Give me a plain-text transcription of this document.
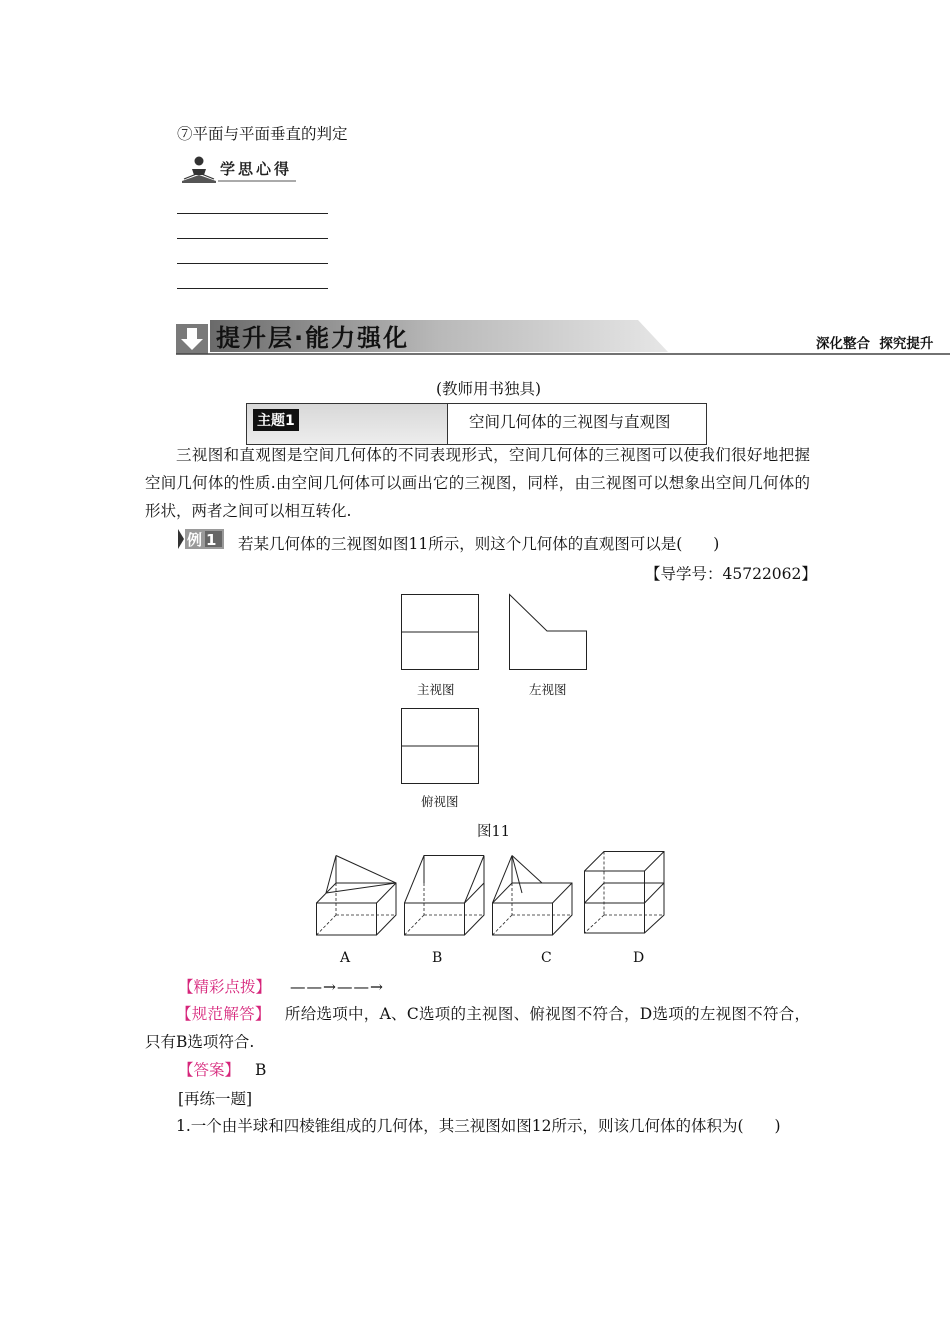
⑦平面与平面垂直的判定
学思心得
提升层·能力强化	深化整合  探究提升
(教师用书独具)
主题1	空间几何体的三视图与直观图
三视图和直观图是空间几何体的不同表现形式，空间几何体的三视图可以使我们很好地把握空间几何体的性质.由空间几何体可以画出它的三视图，同样，由三视图可以想象出空间几何体的形状，两者之间可以相互转化.
例1 若某几何体的三视图如图11所示，则这个几何体的直观图可以是(　　)
【导学号：45722062】
主视图	左视图
俯视图
图11
A	B	C	D
【精彩点拨】 ——→——→
【规范解答】 所给选项中，A、C选项的主视图、俯视图不符合，D选项的左视图不符合，只有B选项符合.
【答案】 B
[再练一题]
1.一个由半球和四棱锥组成的几何体，其三视图如图12所示，则该几何体的体积为(　　)
